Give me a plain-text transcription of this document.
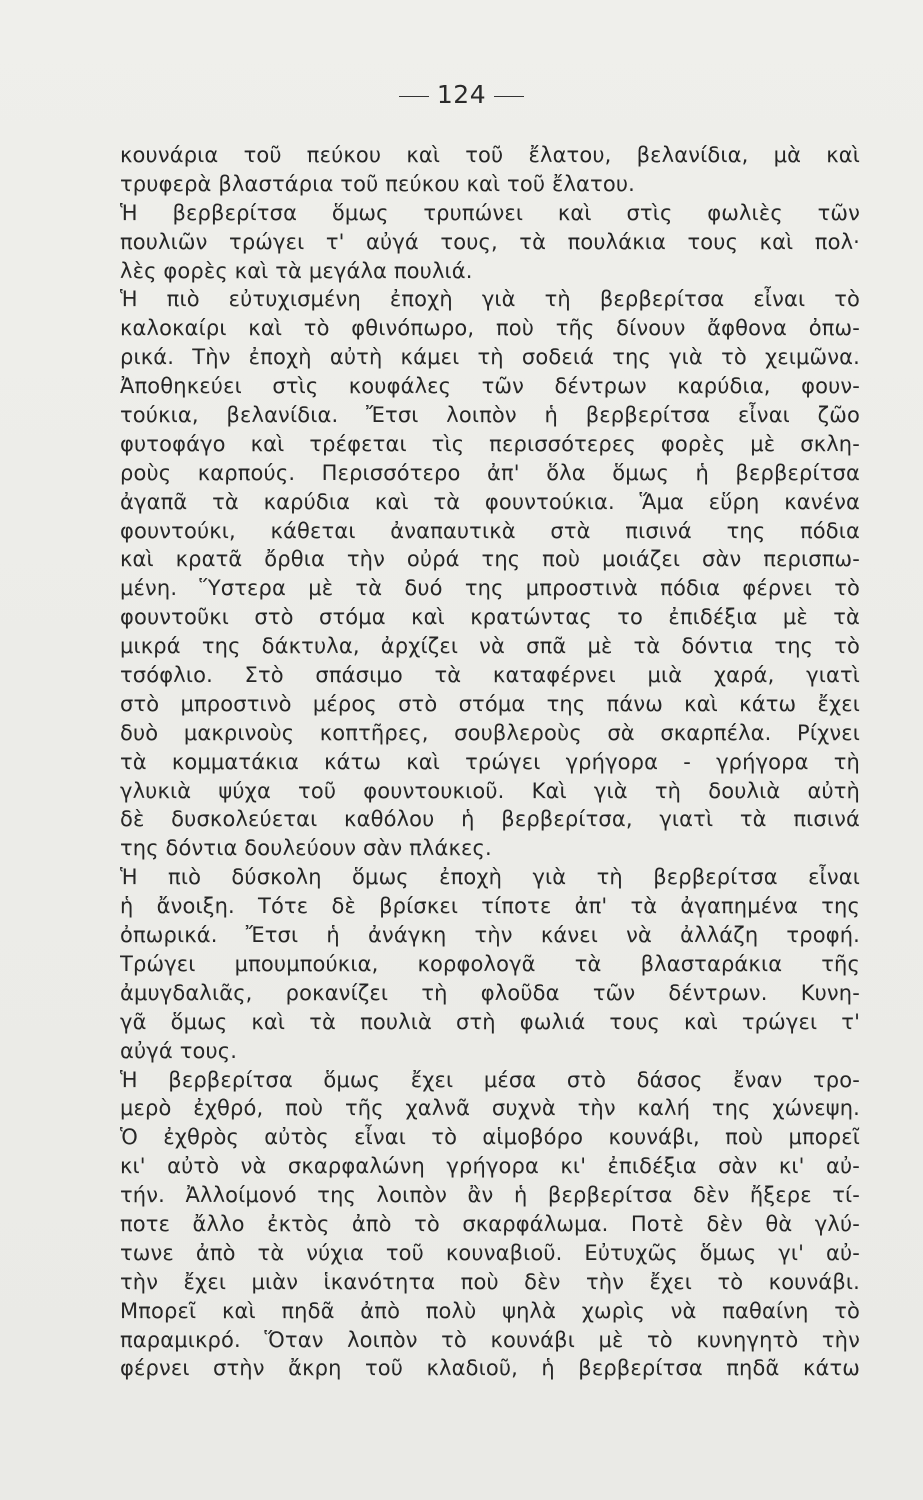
124
κουνάρια τοῦ πεύκου καὶ τοῦ ἔλατου, βελανίδια, μὰ καὶ
τρυφερὰ βλαστάρια τοῦ πεύκου καὶ τοῦ ἔλατου.
Ἡ βερβερίτσα ὅμως τρυπώνει καὶ στὶς φωλιὲς τῶν
πουλιῶν τρώγει τ' αὐγά τους, τὰ πουλάκια τους καὶ πολ·
λὲς φορὲς καὶ τὰ μεγάλα πουλιά.
Ἡ πιὸ εὐτυχισμένη ἐποχὴ γιὰ τὴ βερβερίτσα εἶναι τὸ
καλοκαίρι καὶ τὸ φθινόπωρο, ποὺ τῆς δίνουν ἄφθονα ὀπω-
ρικά. Τὴν ἐποχὴ αὐτὴ κάμει τὴ σοδειά της γιὰ τὸ χειμῶνα.
Ἀποθηκεύει στὶς κουφάλες τῶν δέντρων καρύδια, φουν-
τούκια, βελανίδια. Ἔτσι λοιπὸν ἡ βερβερίτσα εἶναι ζῶο
φυτοφάγο καὶ τρέφεται τὶς περισσότερες φορὲς μὲ σκλη-
ροὺς καρπούς. Περισσότερο ἀπ' ὅλα ὅμως ἡ βερβερίτσα
ἀγαπᾶ τὰ καρύδια καὶ τὰ φουντούκια. Ἅμα εὕρη κανένα
φουντούκι, κάθεται ἀναπαυτικὰ στὰ πισινά της πόδια
καὶ κρατᾶ ὄρθια τὴν οὐρά της ποὺ μοιάζει σὰν περισπω-
μένη. Ὕστερα μὲ τὰ δυό της μπροστινὰ πόδια φέρνει τὸ
φουντοῦκι στὸ στόμα καὶ κρατώντας το ἐπιδέξια μὲ τὰ
μικρά της δάκτυλα, ἀρχίζει νὰ σπᾶ μὲ τὰ δόντια της τὸ
τσόφλιο. Στὸ σπάσιμο τὰ καταφέρνει μιὰ χαρά, γιατὶ
στὸ μπροστινὸ μέρος στὸ στόμα της πάνω καὶ κάτω ἔχει
δυὸ μακρινοὺς κοπτῆρες, σουβλεροὺς σὰ σκαρπέλα. Ρίχνει
τὰ κομματάκια κάτω καὶ τρώγει γρήγορα - γρήγορα τὴ
γλυκιὰ ψύχα τοῦ φουντουκιοῦ. Καὶ γιὰ τὴ δουλιὰ αὐτὴ
δὲ δυσκολεύεται καθόλου ἡ βερβερίτσα, γιατὶ τὰ πισινά
της δόντια δουλεύουν σὰν πλάκες.
Ἡ πιὸ δύσκολη ὅμως ἐποχὴ γιὰ τὴ βερβερίτσα εἶναι
ἡ ἄνοιξη. Τότε δὲ βρίσκει τίποτε ἀπ' τὰ ἀγαπημένα της
ὀπωρικά. Ἔτσι ἡ ἀνάγκη τὴν κάνει νὰ ἀλλάζη τροφή.
Τρώγει μπουμπούκια, κορφολογᾶ τὰ βλασταράκια τῆς
ἀμυγδαλιᾶς, ροκανίζει τὴ φλοῦδα τῶν δέντρων. Κυνη-
γᾶ ὅμως καὶ τὰ πουλιὰ στὴ φωλιά τους καὶ τρώγει τ'
αὐγά τους.
Ἡ βερβερίτσα ὅμως ἔχει μέσα στὸ δάσος ἔναν τρο-
μερὸ ἐχθρό, ποὺ τῆς χαλνᾶ συχνὰ τὴν καλή της χώνεψη.
Ὁ ἐχθρὸς αὐτὸς εἶναι τὸ αἱμοβόρο κουνάβι, ποὺ μπορεῖ
κι' αὐτὸ νὰ σκαρφαλώνη γρήγορα κι' ἐπιδέξια σὰν κι' αὐ-
τήν. Ἀλλοίμονό της λοιπὸν ἂν ἡ βερβερίτσα δὲν ἤξερε τί-
ποτε ἄλλο ἐκτὸς ἀπὸ τὸ σκαρφάλωμα. Ποτὲ δὲν θὰ γλύ-
τωνε ἀπὸ τὰ νύχια τοῦ κουναβιοῦ. Εὐτυχῶς ὅμως γι' αὐ-
τὴν ἔχει μιὰν ἱκανότητα ποὺ δὲν τὴν ἔχει τὸ κουνάβι.
Μπορεῖ καὶ πηδᾶ ἀπὸ πολὺ ψηλὰ χωρὶς νὰ παθαίνη τὸ
παραμικρό. Ὅταν λοιπὸν τὸ κουνάβι μὲ τὸ κυνηγητὸ τὴν
φέρνει στὴν ἄκρη τοῦ κλαδιοῦ, ἡ βερβερίτσα πηδᾶ κάτω
